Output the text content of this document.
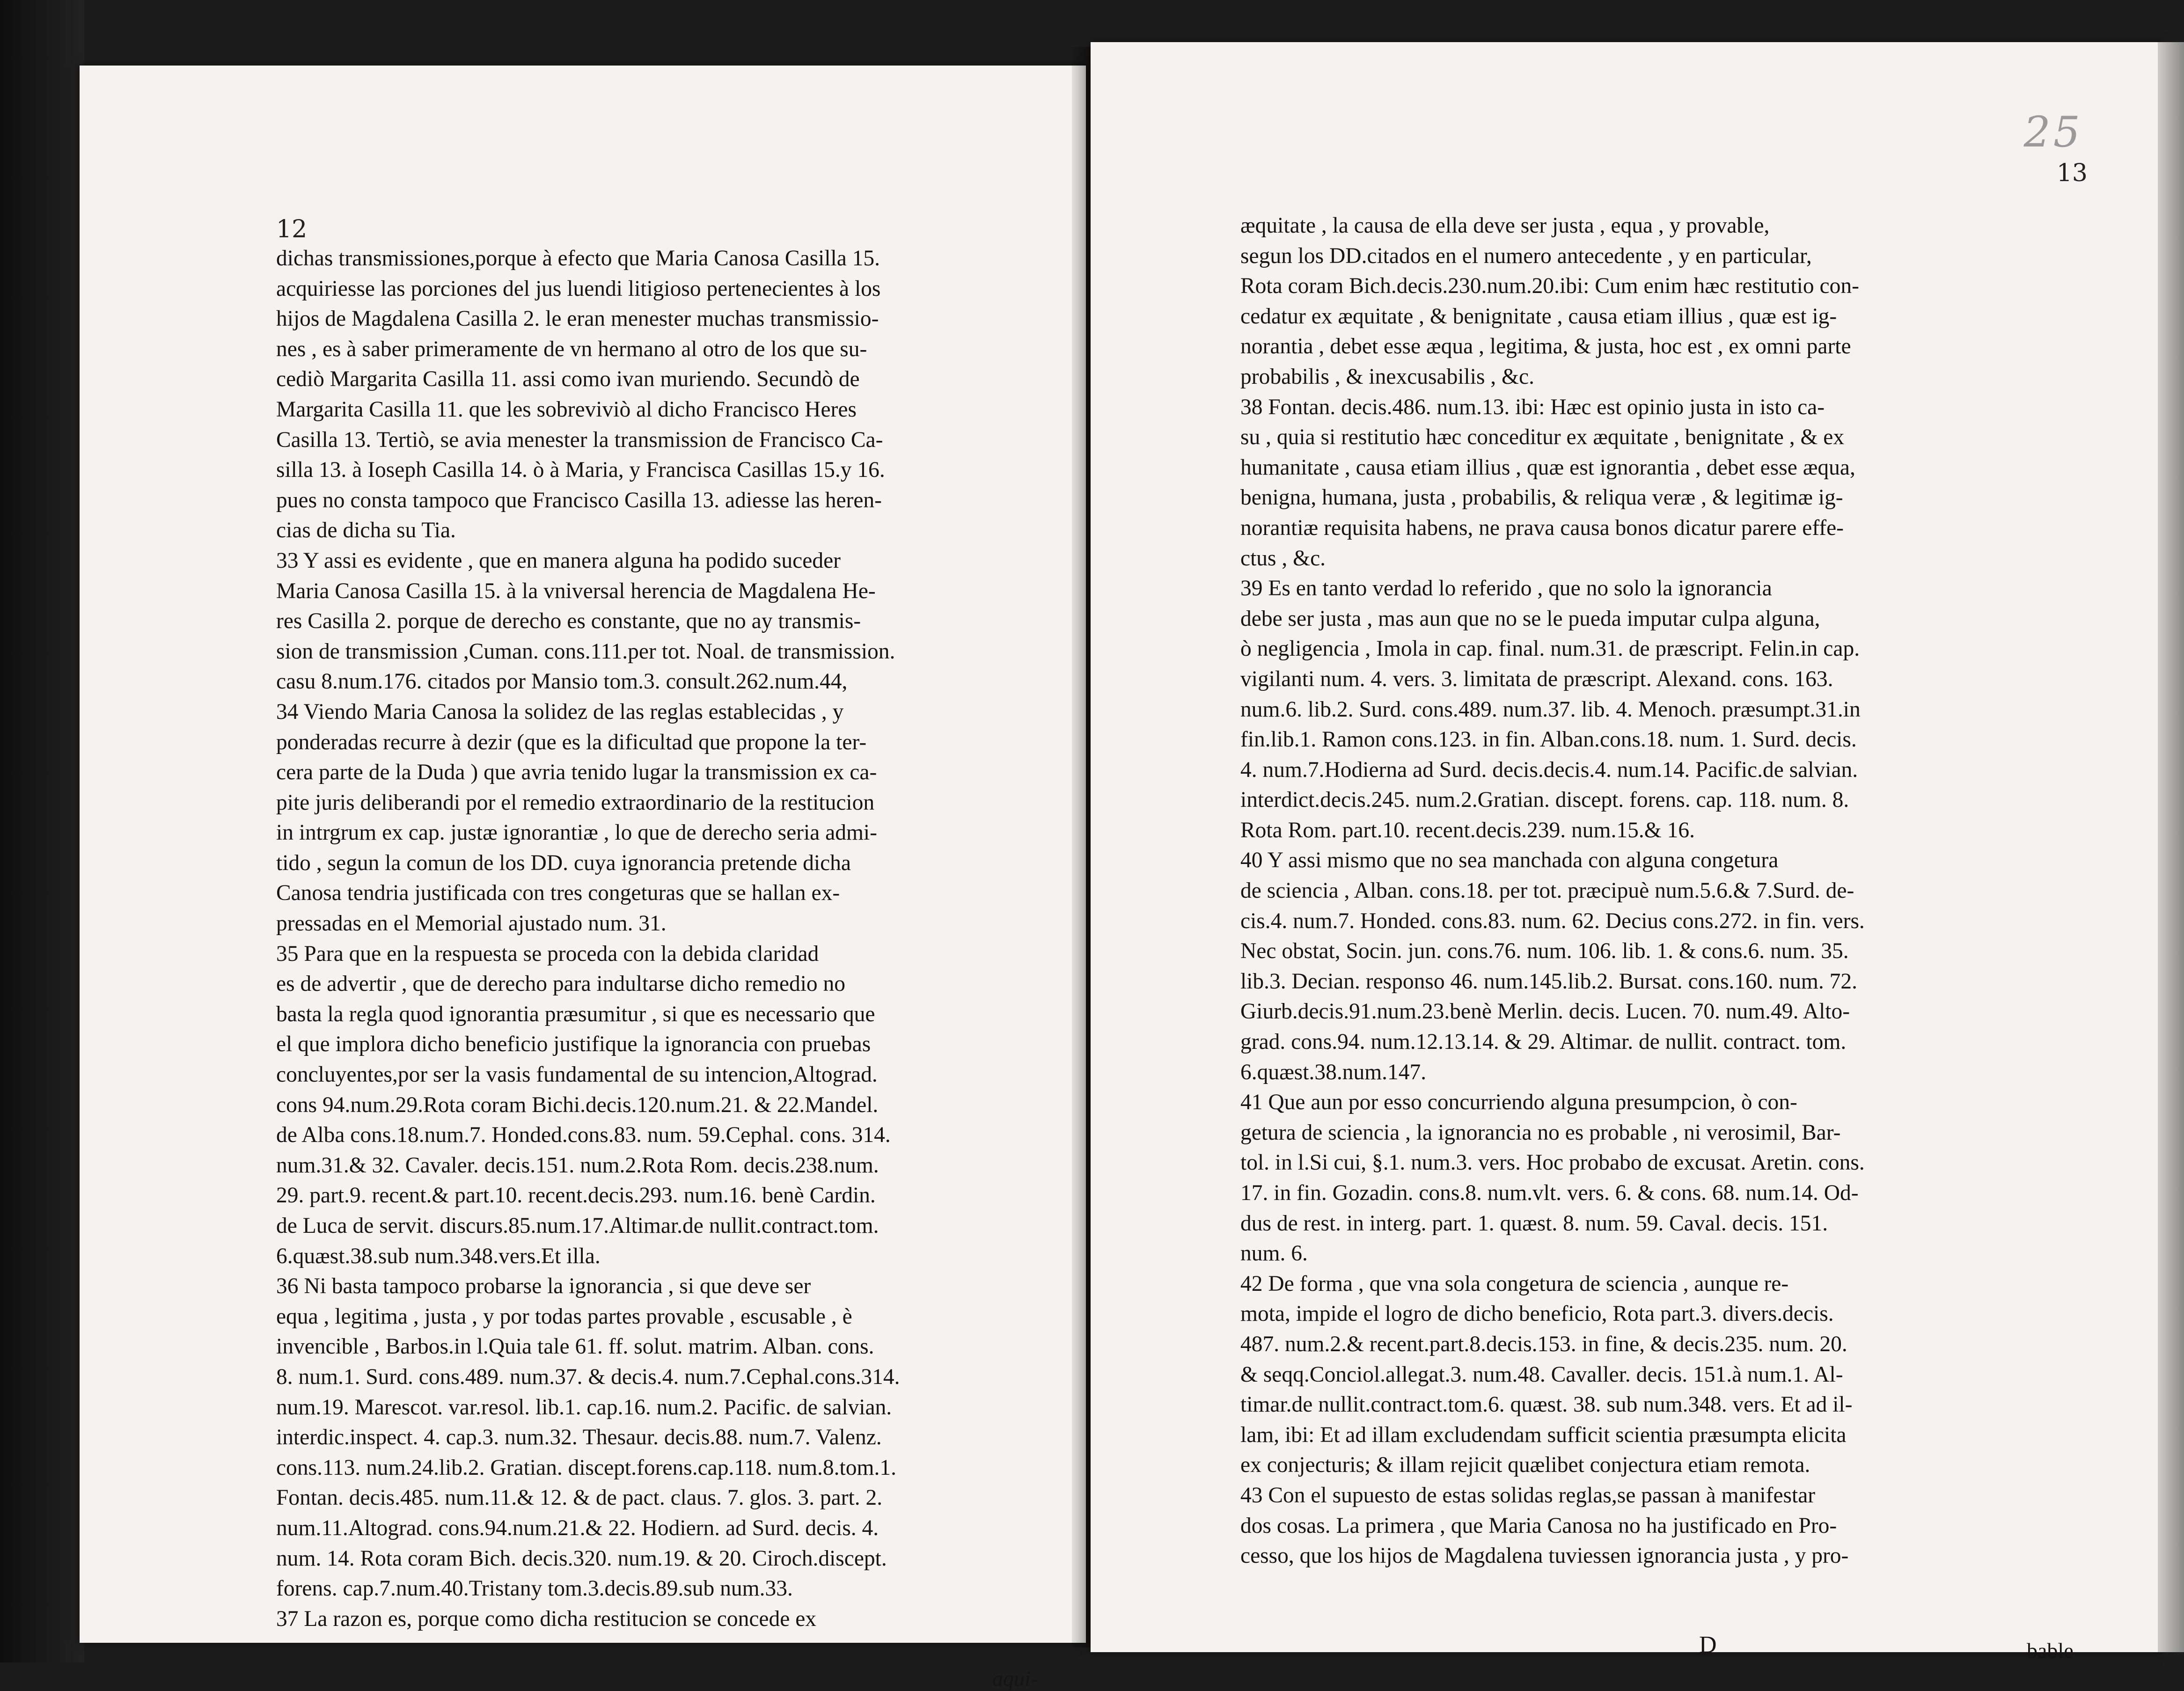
12

dichas transmissiones,porque à efecto que Maria Canosa Casilla 15.

acquiriesse las porciones del jus luendi litigioso pertenecientes à los

hijos de Magdalena Casilla 2. le eran menester muchas transmissio-

nes , es à saber primeramente de vn hermano al otro de los que su-

cediò Margarita Casilla 11. assi como ivan muriendo. Secundò de

Margarita Casilla 11. que les sobreviviò al dicho Francisco Heres

Casilla 13. Tertiò, se avia menester la transmission de Francisco Ca-

silla 13. à Ioseph Casilla 14. ò à Maria, y Francisca Casillas 15.y 16.

pues no consta tampoco que Francisco Casilla 13. adiesse las heren-

cias de dicha su Tia.

33 Y assi es evidente , que en manera alguna ha podido suceder

Maria Canosa Casilla 15. à la vniversal herencia de Magdalena He-

res Casilla 2. porque de derecho es constante, que no ay transmis-

sion de transmission ,Cuman. cons.111.per tot. Noal. de transmission.

casu 8.num.176. citados por Mansio tom.3. consult.262.num.44,

34 Viendo Maria Canosa la solidez de las reglas establecidas , y

ponderadas recurre à dezir (que es la dificultad que propone la ter-

cera parte de la Duda ) que avria tenido lugar la transmission ex ca-

pite juris deliberandi por el remedio extraordinario de la restitucion

in intrgrum ex cap. justæ ignorantiæ , lo que de derecho seria admi-

tido , segun la comun de los DD. cuya ignorancia pretende dicha

Canosa tendria justificada con tres congeturas que se hallan ex-

pressadas en el Memorial ajustado num. 31.

35 Para que en la respuesta se proceda con la debida claridad

es de advertir , que de derecho para indultarse dicho remedio no

basta la regla quod ignorantia præsumitur , si que es necessario que

el que implora dicho beneficio justifique la ignorancia con pruebas

concluyentes,por ser la vasis fundamental de su intencion,Altograd.

cons 94.num.29.Rota coram Bichi.decis.120.num.21. & 22.Mandel.

de Alba cons.18.num.7. Honded.cons.83. num. 59.Cephal. cons. 314.

num.31.& 32. Cavaler. decis.151. num.2.Rota Rom. decis.238.num.

29. part.9. recent.& part.10. recent.decis.293. num.16. benè Cardin.

de Luca de servit. discurs.85.num.17.Altimar.de nullit.contract.tom.

6.quæst.38.sub num.348.vers.Et illa.

36 Ni basta tampoco probarse la ignorancia , si que deve ser

equa , legitima , justa , y por todas partes provable , escusable , è

invencible , Barbos.in l.Quia tale 61. ff. solut. matrim. Alban. cons.

8. num.1. Surd. cons.489. num.37. & decis.4. num.7.Cephal.cons.314.

num.19. Marescot. var.resol. lib.1. cap.16. num.2. Pacific. de salvian.

interdic.inspect. 4. cap.3. num.32. Thesaur. decis.88. num.7. Valenz.

cons.113. num.24.lib.2. Gratian. discept.forens.cap.118. num.8.tom.1.

Fontan. decis.485. num.11.& 12. & de pact. claus. 7. glos. 3. part. 2.

num.11.Altograd. cons.94.num.21.& 22. Hodiern. ad Surd. decis. 4.

num. 14. Rota coram Bich. decis.320. num.19. & 20. Ciroch.discept.

forens. cap.7.num.40.Tristany tom.3.decis.89.sub num.33.

37 La razon es, porque como dicha restitucion se concede ex

aqui-
25
13

æquitate , la causa de ella deve ser justa , equa , y provable,

segun los DD.citados en el numero antecedente , y en particular,

Rota coram Bich.decis.230.num.20.ibi: Cum enim hæc restitutio con-

cedatur ex æquitate , & benignitate , causa etiam illius , quæ est ig-

norantia , debet esse æqua , legitima, & justa, hoc est , ex omni parte

probabilis , & inexcusabilis , &c.

38 Fontan. decis.486. num.13. ibi: Hæc est opinio justa in isto ca-

su , quia si restitutio hæc conceditur ex æquitate , benignitate , & ex

humanitate , causa etiam illius , quæ est ignorantia , debet esse æqua,

benigna, humana, justa , probabilis, & reliqua veræ , & legitimæ ig-

norantiæ requisita habens, ne prava causa bonos dicatur parere effe-

ctus , &c.

39 Es en tanto verdad lo referido , que no solo la ignorancia

debe ser justa , mas aun que no se le pueda imputar culpa alguna,

ò negligencia , Imola in cap. final. num.31. de præscript. Felin.in cap.

vigilanti num. 4. vers. 3. limitata de præscript. Alexand. cons. 163.

num.6. lib.2. Surd. cons.489. num.37. lib. 4. Menoch. præsumpt.31.in

fin.lib.1. Ramon cons.123. in fin. Alban.cons.18. num. 1. Surd. decis.

4. num.7.Hodierna ad Surd. decis.decis.4. num.14. Pacific.de salvian.

interdict.decis.245. num.2.Gratian. discept. forens. cap. 118. num. 8.

Rota Rom. part.10. recent.decis.239. num.15.& 16.

40 Y assi mismo que no sea manchada con alguna congetura

de sciencia , Alban. cons.18. per tot. præcipuè num.5.6.& 7.Surd. de-

cis.4. num.7. Honded. cons.83. num. 62. Decius cons.272. in fin. vers.

Nec obstat, Socin. jun. cons.76. num. 106. lib. 1. & cons.6. num. 35.

lib.3. Decian. responso 46. num.145.lib.2. Bursat. cons.160. num. 72.

Giurb.decis.91.num.23.benè Merlin. decis. Lucen. 70. num.49. Alto-

grad. cons.94. num.12.13.14. & 29. Altimar. de nullit. contract. tom.

6.quæst.38.num.147.

41 Que aun por esso concurriendo alguna presumpcion, ò con-

getura de sciencia , la ignorancia no es probable , ni verosimil, Bar-

tol. in l.Si cui, §.1. num.3. vers. Hoc probabo de excusat. Aretin. cons.

17. in fin. Gozadin. cons.8. num.vlt. vers. 6. & cons. 68. num.14. Od-

dus de rest. in interg. part. 1. quæst. 8. num. 59. Caval. decis. 151.

num. 6.

42 De forma , que vna sola congetura de sciencia , aunque re-

mota, impide el logro de dicho beneficio, Rota part.3. divers.decis.

487. num.2.& recent.part.8.decis.153. in fine, & decis.235. num. 20.

& seqq.Conciol.allegat.3. num.48. Cavaller. decis. 151.à num.1. Al-

timar.de nullit.contract.tom.6. quæst. 38. sub num.348. vers. Et ad il-

lam, ibi: Et ad illam excludendam sufficit scientia præsumpta elicita

ex conjecturis; & illam rejicit quælibet conjectura etiam remota.

43 Con el supuesto de estas solidas reglas,se passan à manifestar

dos cosas. La primera , que Maria Canosa no ha justificado en Pro-

cesso, que los hijos de Magdalena tuviessen ignorancia justa , y pro-

D	bable
